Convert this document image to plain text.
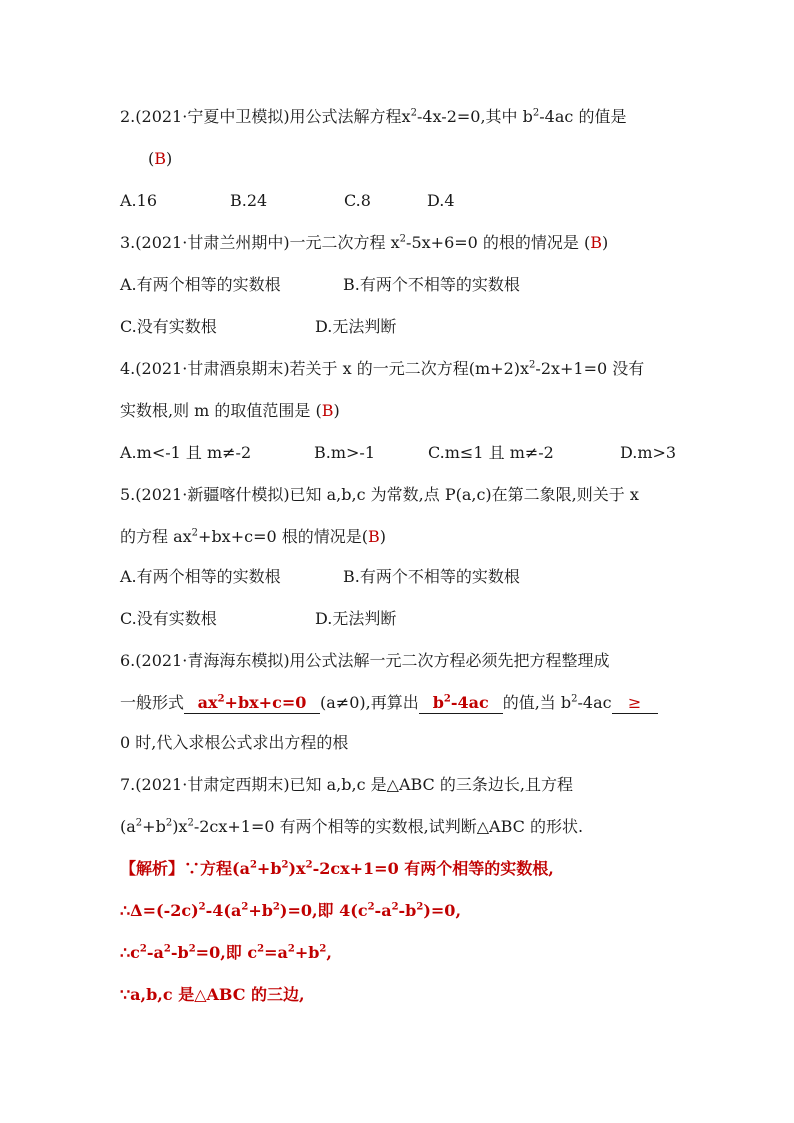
2.(2021·宁夏中卫模拟)用公式法解方程$x^2-4x-2=0$,其中 $b^2-4ac$ 的值是
(B)
A.16	B.24	C.8	D.4
3.(2021·甘肃兰州期中)一元二次方程 $x^2-5x+6=0$ 的根的情况是 (B)
A.有两个相等的实数根	B.有两个不相等的实数根
C.没有实数根	D.无法判断
4.(2021·甘肃酒泉期末)若关于 x 的一元二次方程$(m+2)x^2-2x+1=0$ 没有
实数根,则 m 的取值范围是 (B)
A.m<-1 且 m≠-2	B.m>-1	C.m≤1 且 m≠-2	D.m>3
5.(2021·新疆喀什模拟)已知 a,b,c 为常数,点 P(a,c)在第二象限,则关于 x
的方程 $ax^2+bx+c=0$ 根的情况是(B)
A.有两个相等的实数根	B.有两个不相等的实数根
C.没有实数根	D.无法判断
6.(2021·青海海东模拟)用公式法解一元二次方程必须先把方程整理成
一般形式 $ax^2+bx+c=0$ (a≠0),再算出 $b^2-4ac$ 的值,当 $b^2-4ac$ ≥
0 时,代入求根公式求出方程的根
7.(2021·甘肃定西期末)已知 a,b,c 是△ABC 的三条边长,且方程
$(a^2+b^2)x^2-2cx+1=0$ 有两个相等的实数根,试判断△ABC 的形状.
【解析】∵方程$(a^2+b^2)x^2-2cx+1=0$ 有两个相等的实数根,
$\therefore\Delta=(-2c)^2-4(a^2+b^2)=0$,即 $4(c^2-a^2-b^2)=0$,
$\therefore c^2-a^2-b^2=0$,即 $c^2=a^2+b^2$,
∵a,b,c 是△ABC 的三边,
